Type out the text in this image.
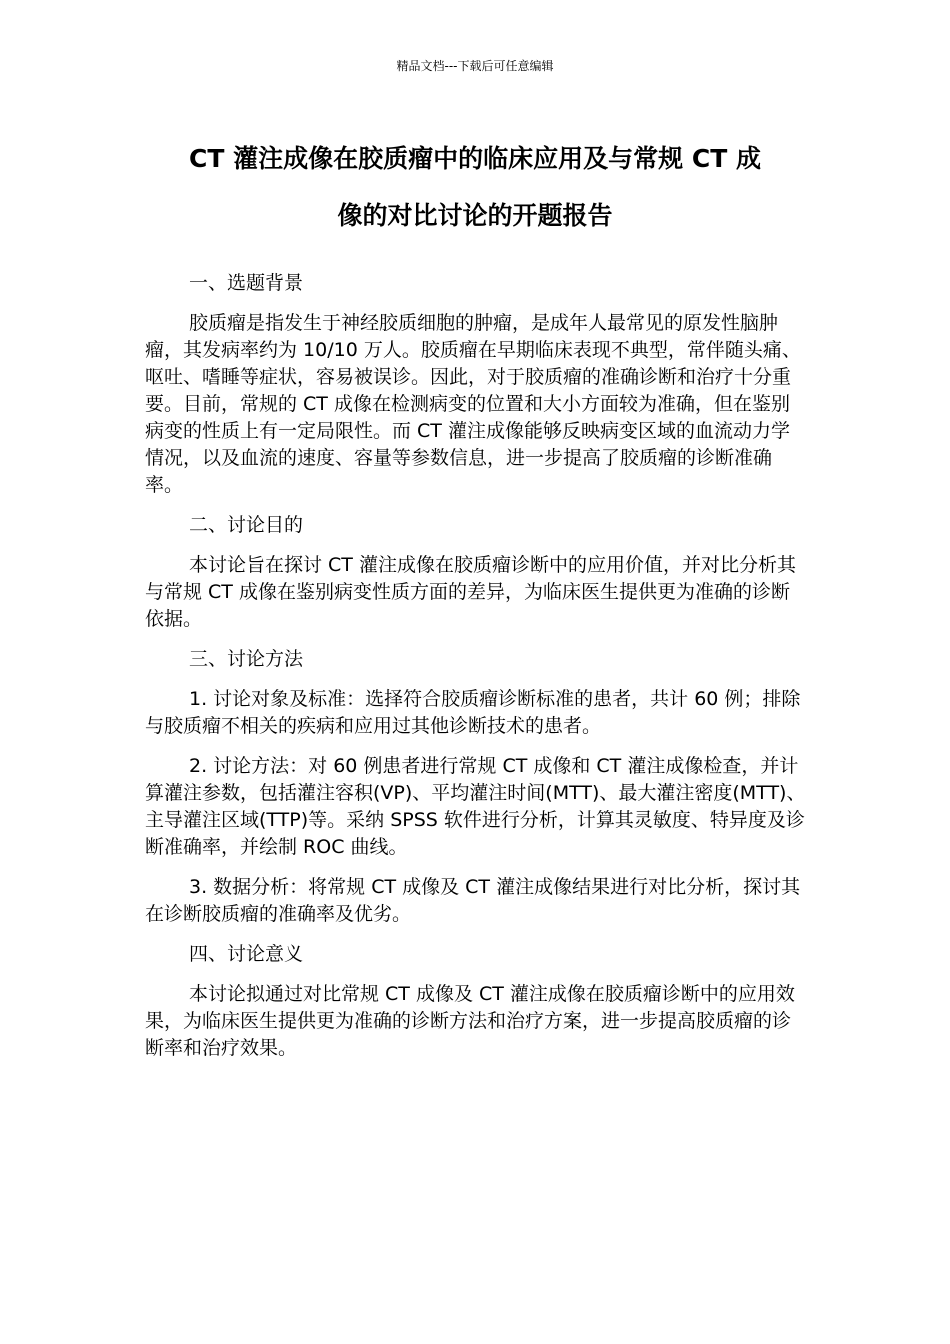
精品文档---下载后可任意编辑
CT 灌注成像在胶质瘤中的临床应用及与常规 CT 成
像的对比讨论的开题报告

一、选题背景

胶质瘤是指发生于神经胶质细胞的肿瘤，是成年人最常见的原发性脑肿瘤，其发病率约为 10/10 万人。胶质瘤在早期临床表现不典型，常伴随头痛、呕吐、嗜睡等症状，容易被误诊。因此，对于胶质瘤的准确诊断和治疗十分重要。目前，常规的 CT 成像在检测病变的位置和大小方面较为准确，但在鉴别病变的性质上有一定局限性。而 CT 灌注成像能够反映病变区域的血流动力学情况，以及血流的速度、容量等参数信息，进一步提高了胶质瘤的诊断准确率。

二、讨论目的

本讨论旨在探讨 CT 灌注成像在胶质瘤诊断中的应用价值，并对比分析其与常规 CT 成像在鉴别病变性质方面的差异，为临床医生提供更为准确的诊断依据。

三、讨论方法

1. 讨论对象及标准：选择符合胶质瘤诊断标准的患者，共计 60 例；排除与胶质瘤不相关的疾病和应用过其他诊断技术的患者。

2. 讨论方法：对 60 例患者进行常规 CT 成像和 CT 灌注成像检查，并计算灌注参数，包括灌注容积(VP)、平均灌注时间(MTT)、最大灌注密度(MTT)、主导灌注区域(TTP)等。采纳 SPSS 软件进行分析，计算其灵敏度、特异度及诊断准确率，并绘制 ROC 曲线。

3. 数据分析：将常规 CT 成像及 CT 灌注成像结果进行对比分析，探讨其在诊断胶质瘤的准确率及优劣。

四、讨论意义

本讨论拟通过对比常规 CT 成像及 CT 灌注成像在胶质瘤诊断中的应用效果，为临床医生提供更为准确的诊断方法和治疗方案，进一步提高胶质瘤的诊断率和治疗效果。
